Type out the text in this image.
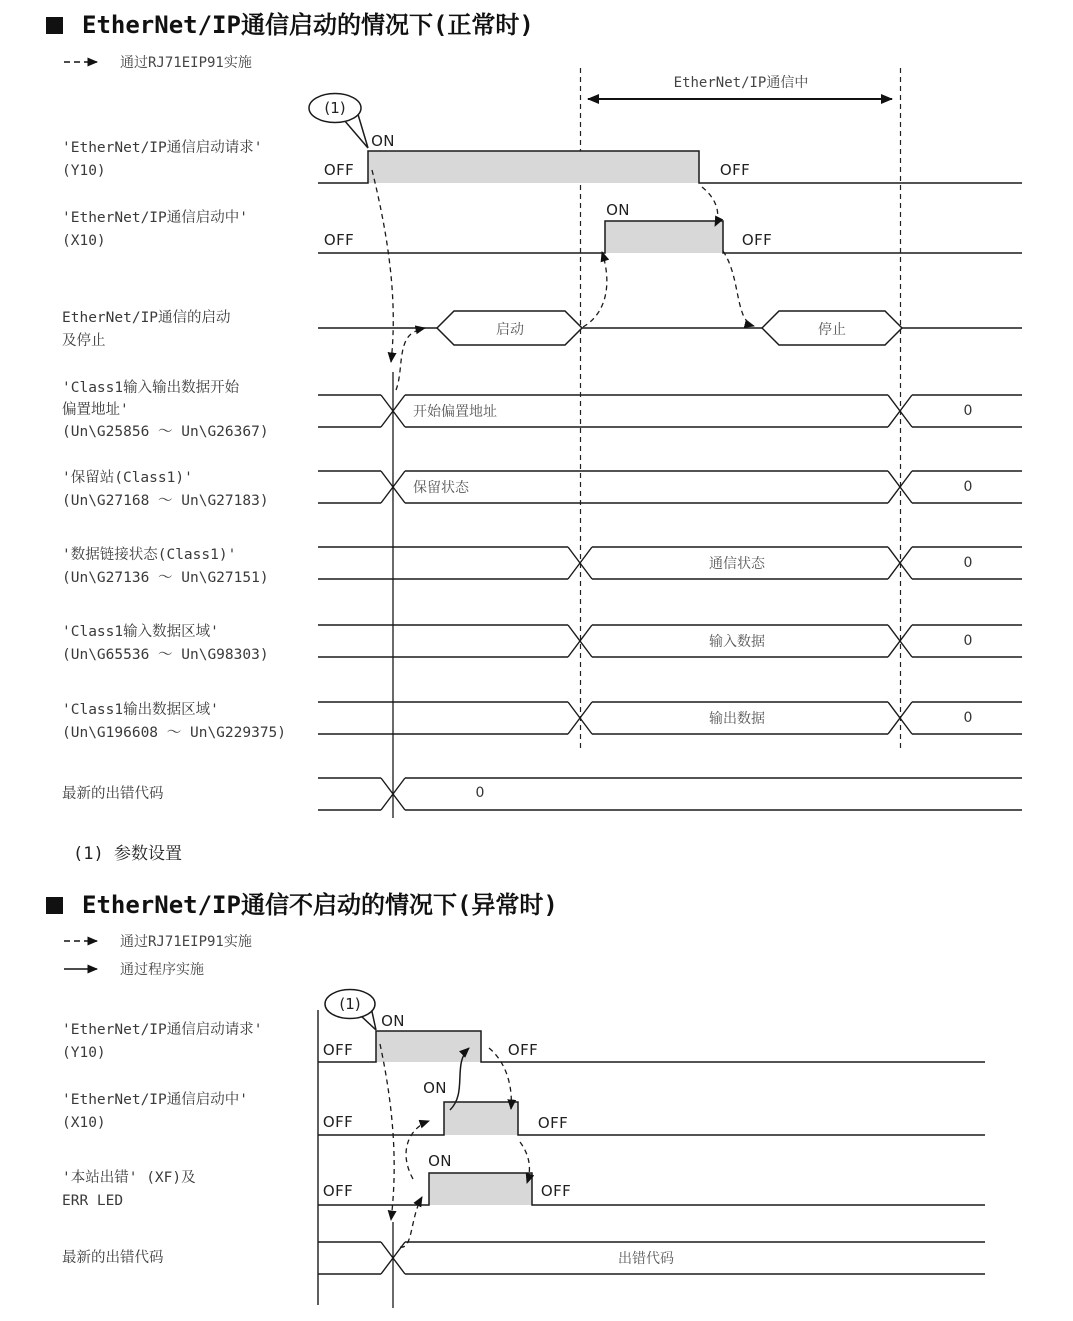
EtherNet/IP通信启动的情况下(正常时)
EtherNet/IP通信不启动的情况下(异常时)
通过RJ71EIP91实施
通过RJ71EIP91实施
通过程序实施
EtherNet/IP通信中
(1)
(1)
'EtherNet/IP通信启动请求'
(Y10)
'EtherNet/IP通信启动中'
(X10)
EtherNet/IP通信的启动
及停止
'Class1输入输出数据开始
偏置地址'
(Un\G25856 ～ Un\G26367)
'保留站(Class1)'
(Un\G27168 ～ Un\G27183)
'数据链接状态(Class1)'
(Un\G27136 ～ Un\G27151)
'Class1输入数据区域'
(Un\G65536 ～ Un\G98303)
'Class1输出数据区域'
(Un\G196608 ～ Un\G229375)
最新的出错代码
OFF
ON
OFF
OFF
ON
OFF
启动	停止
开始偏置地址
保留状态
通信状态
输入数据
输出数据
0
0
0
0
0
0
(1) 参数设置
'EtherNet/IP通信启动请求'
(Y10)
'EtherNet/IP通信启动中'
(X10)
'本站出错' (XF)及
ERR LED
最新的出错代码
OFF
ON
OFF
OFF
ON
OFF
OFF
ON
OFF
出错代码
